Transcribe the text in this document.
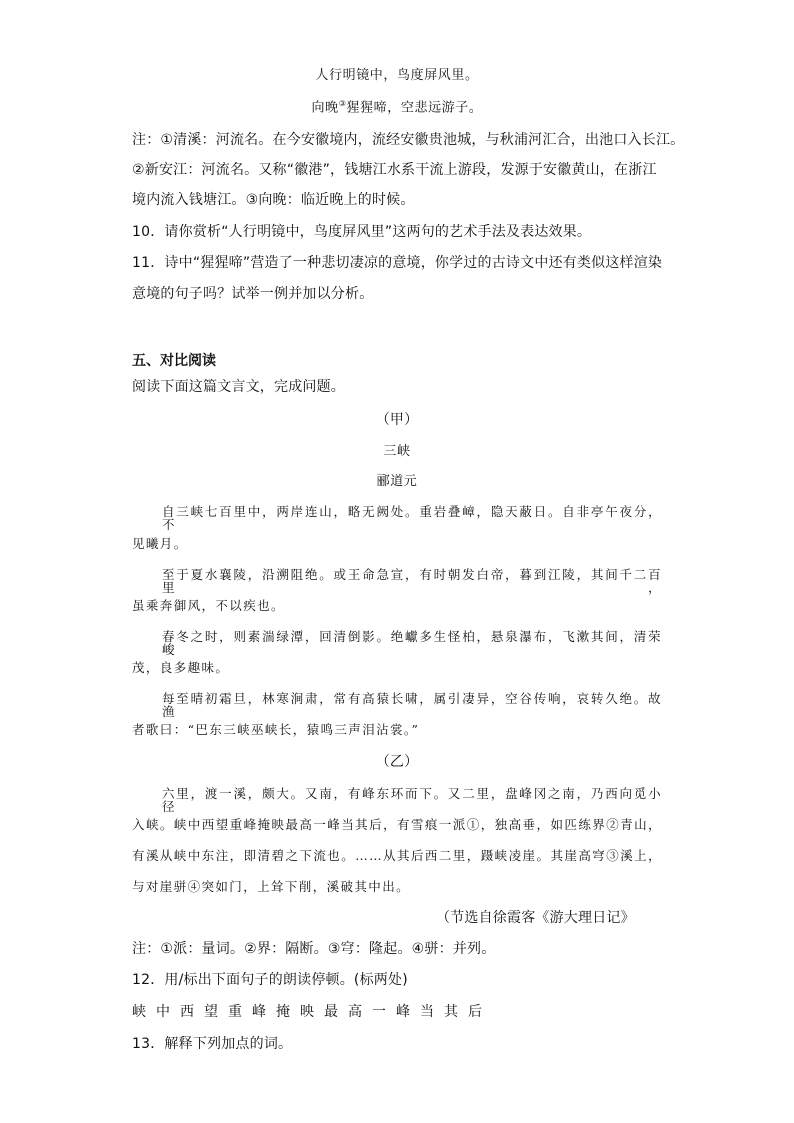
人行明镜中，鸟度屏风里。
向晚③猩猩啼，空悲远游子。
注：①清溪：河流名。在今安徽境内，流经安徽贵池城，与秋浦河汇合，出池口入长江。
②新安江：河流名。又称“徽港”，钱塘江水系干流上游段，发源于安徽黄山，在浙江
境内流入钱塘江。③向晚：临近晚上的时候。
10．请你赏析“人行明镜中，鸟度屏风里”这两句的艺术手法及表达效果。
11．诗中“猩猩啼”营造了一种悲切凄凉的意境，你学过的古诗文中还有类似这样渲染
意境的句子吗？试举一例并加以分析。
五、对比阅读
阅读下面这篇文言文，完成问题。
（甲）
三峡
郦道元
自三峡七百里中，两岸连山，略无阙处。重岩叠嶂，隐天蔽日。自非亭午夜分，不
见曦月。
至于夏水襄陵，沿溯阻绝。或王命急宣，有时朝发白帝，暮到江陵，其间千二百里，
虽乘奔御风，不以疾也。
春冬之时，则素湍绿潭，回清倒影。绝巘多生怪柏，悬泉瀑布，飞漱其间，清荣峻
茂，良多趣味。
每至晴初霜旦，林寒涧肃，常有高猿长啸，属引凄异，空谷传响，哀转久绝。故渔
者歌曰：“巴东三峡巫峡长，猿鸣三声泪沾裳。”
（乙）
六里，渡一溪，颇大。又南，有峰东环而下。又二里，盘峰冈之南，乃西向觅小径
入峡。峡中西望重峰掩映最高一峰当其后，有雪痕一派①，独高垂，如匹练界②青山，
有溪从峡中东注，即清碧之下流也。……从其后西二里，蹑峡凌崖。其崖高穹③溪上，
与对崖骈④突如门，上耸下削，溪破其中出。
（节选自徐霞客《游大理日记》
注：①派：量词。②界：隔断。③穹：隆起。④骈：并列。
12．用/标出下面句子的朗读停顿。(标两处)
峡中西望重峰掩映最高一峰当其后
13．解释下列加点的词。
